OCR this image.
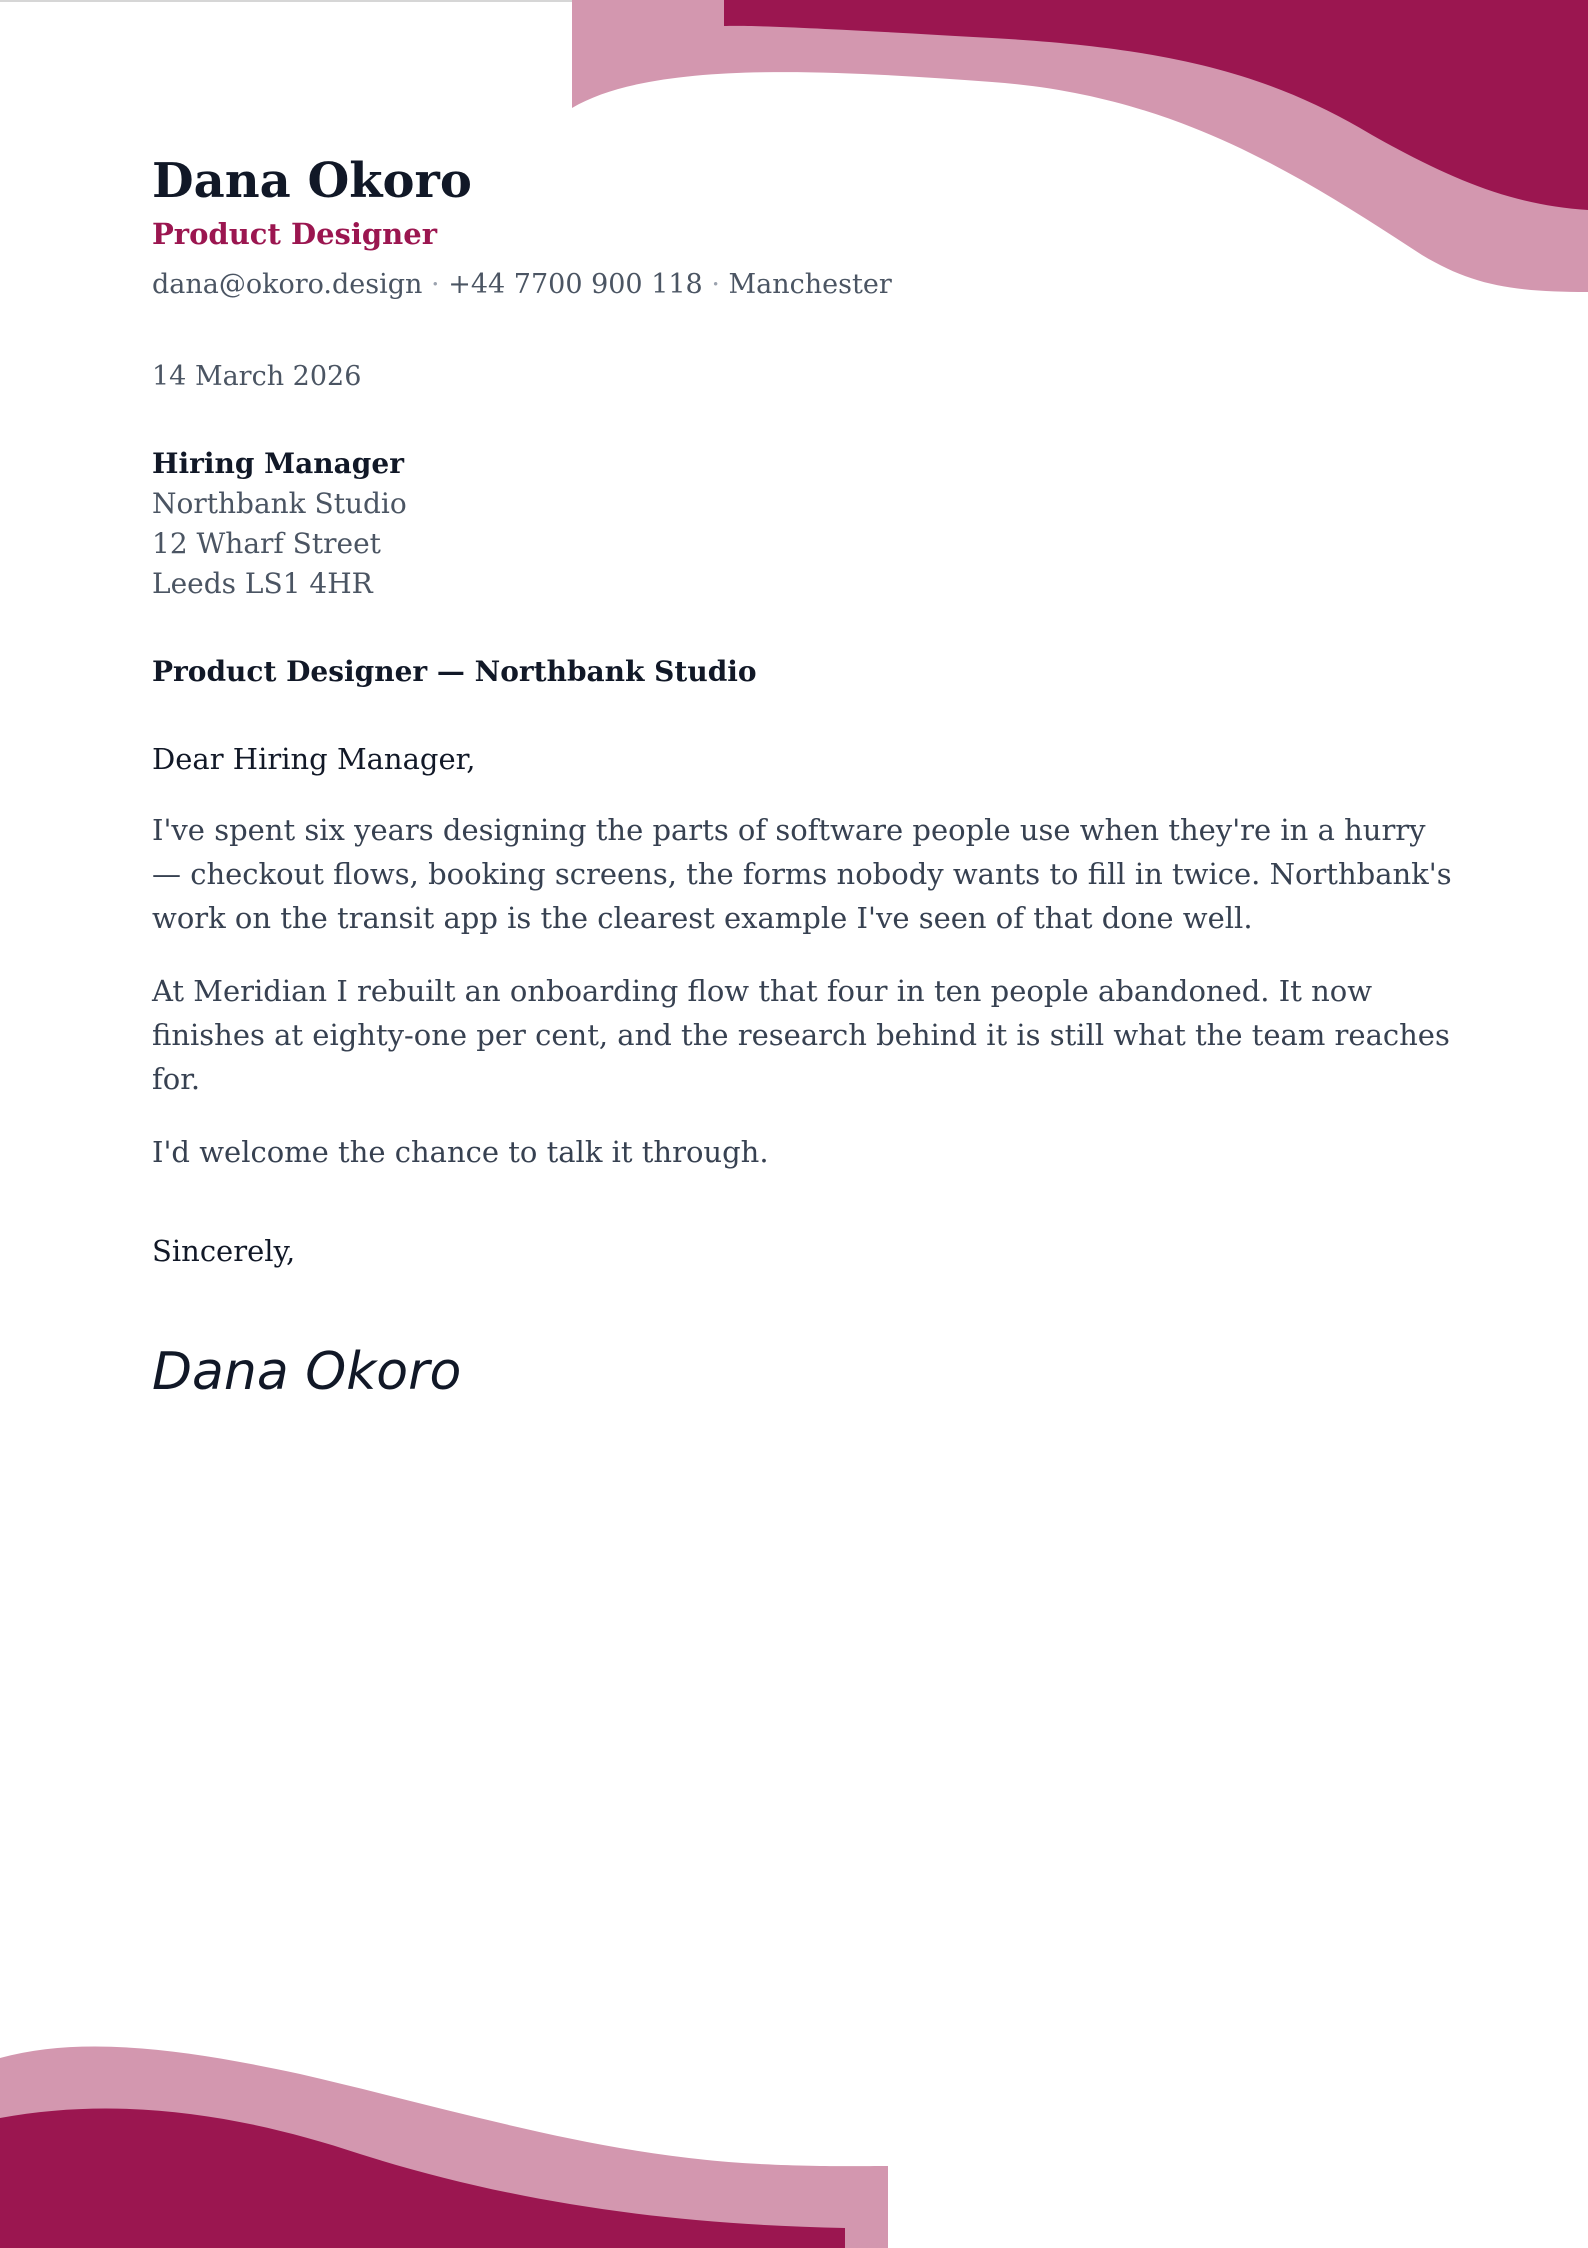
Dana Okoro
Product Designer
dana@okoro.design · +44 7700 900 118 · Manchester
14 March 2026
Hiring Manager
Northbank Studio
12 Wharf Street
Leeds LS1 4HR
Product Designer — Northbank Studio
Dear Hiring Manager,

I've spent six years designing the parts of software people use when they're in a hurry — checkout flows, booking screens, the forms nobody wants to fill in twice. Northbank's work on the transit app is the clearest example I've seen of that done well.

At Meridian I rebuilt an onboarding flow that four in ten people abandoned. It now finishes at eighty-one per cent, and the research behind it is still what the team reaches for.

I'd welcome the chance to talk it through.

Sincerely,
Dana Okoro
